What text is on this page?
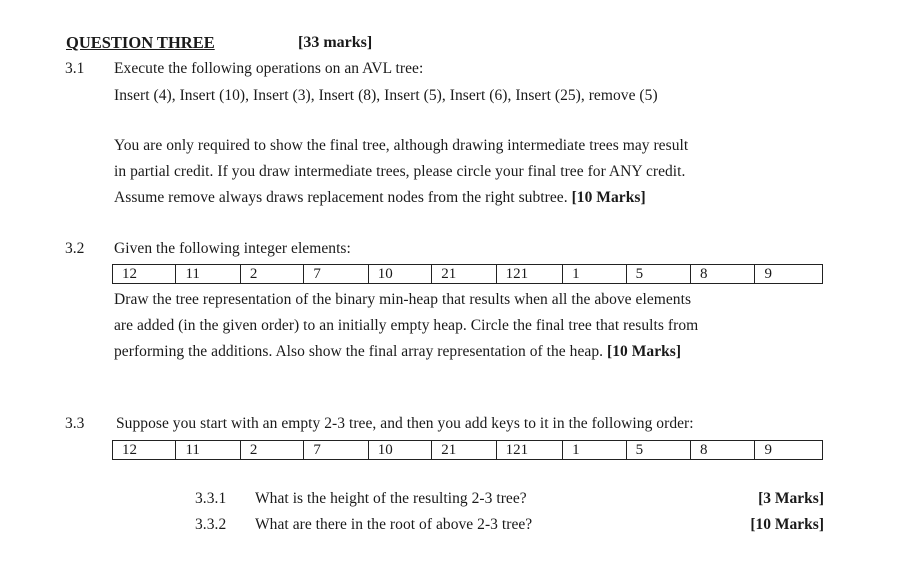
QUESTION THREE	[33 marks]
3.1 Execute the following operations on an AVL tree:
Insert (4), Insert (10), Insert (3), Insert (8), Insert (5), Insert (6), Insert (25), remove (5)
You are only required to show the final tree, although drawing intermediate trees may result
in partial credit. If you draw intermediate trees, please circle your final tree for ANY credit.
Assume remove always draws replacement nodes from the right subtree. [10 Marks]
3.2 Given the following integer elements:
12	11	2	7	10	21	121	1	5	8	9
Draw the tree representation of the binary min-heap that results when all the above elements
are added (in the given order) to an initially empty heap. Circle the final tree that results from
performing the additions. Also show the final array representation of the heap. [10 Marks]
3.3 Suppose you start with an empty 2-3 tree, and then you add keys to it in the following order:
12	11	2	7	10	21	121	1	5	8	9
3.3.1 What is the height of the resulting 2-3 tree?	[3 Marks]
3.3.2 What are there in the root of above 2-3 tree?	[10 Marks]
